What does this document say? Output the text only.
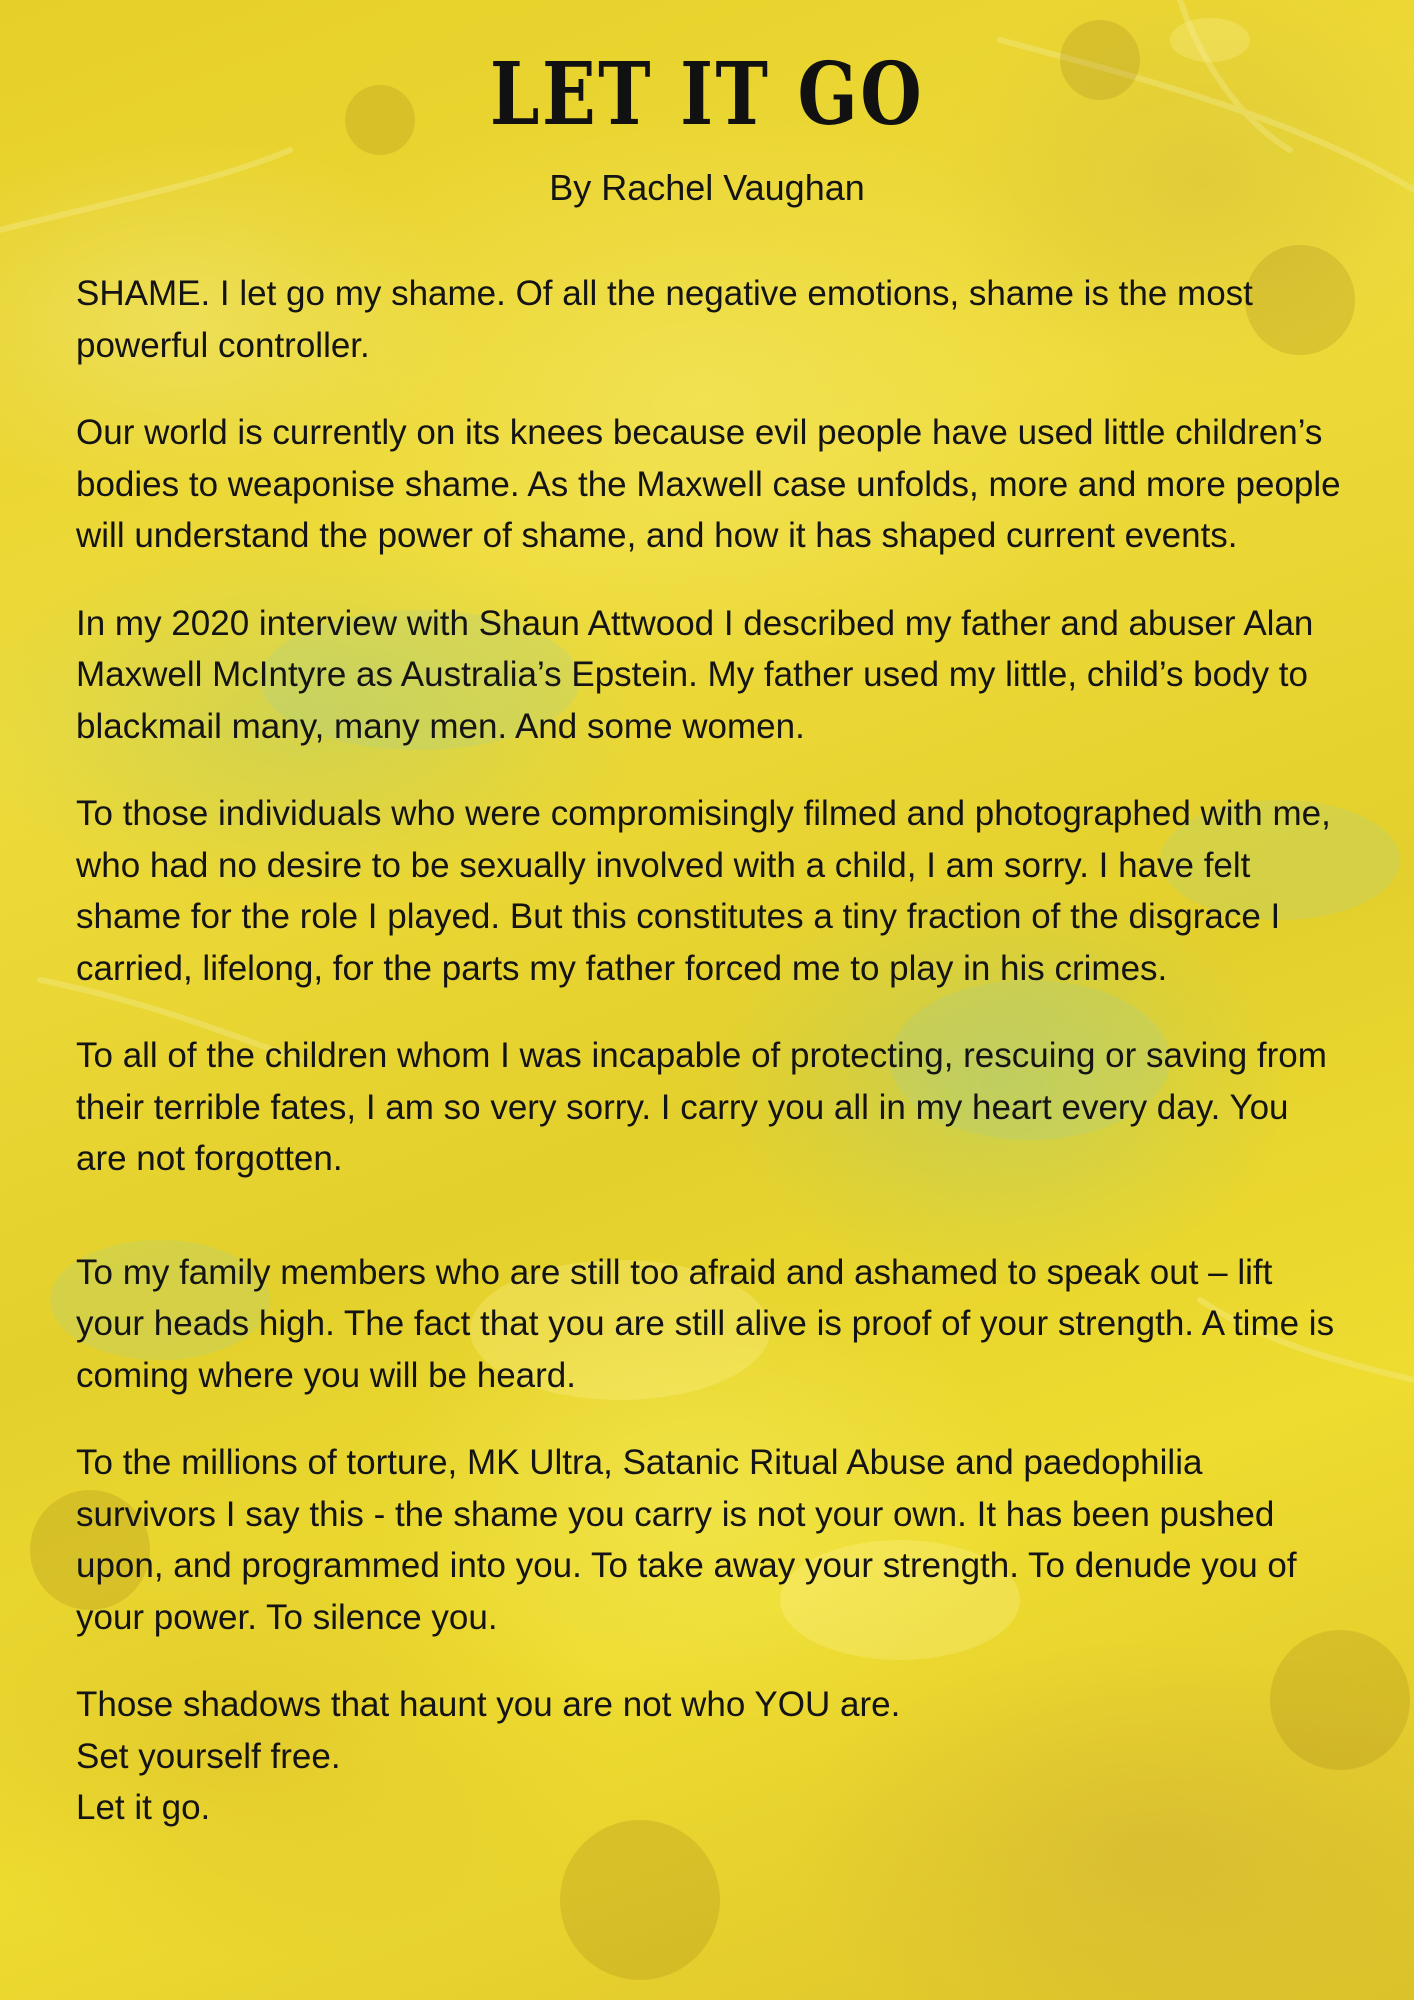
LET IT GO
By Rachel Vaughan

SHAME. I let go my shame. Of all the negative emotions, shame is the most powerful controller.

Our world is currently on its knees because evil people have used little children’s bodies to weaponise shame. As the Maxwell case unfolds, more and more people will understand the power of shame, and how it has shaped current events.

In my 2020 interview with Shaun Attwood I described my father and abuser Alan Maxwell McIntyre as Australia’s Epstein. My father used my little, child’s body to blackmail many, many men. And some women.

To those individuals who were compromisingly filmed and photographed with me, who had no desire to be sexually involved with a child, I am sorry. I have felt shame for the role I played. But this constitutes a tiny fraction of the disgrace I carried, lifelong, for the parts my father forced me to play in his crimes.

To all of the children whom I was incapable of protecting, rescuing or saving from their terrible fates, I am so very sorry. I carry you all in my heart every day. You are not forgotten.

To my family members who are still too afraid and ashamed to speak out – lift your heads high. The fact that you are still alive is proof of your strength. A time is coming where you will be heard.

To the millions of torture, MK Ultra, Satanic Ritual Abuse and paedophilia survivors I say this - the shame you carry is not your own. It has been pushed upon, and programmed into you. To take away your strength. To denude you of your power. To silence you.

Those shadows that haunt you are not who YOU are.
Set yourself free.
Let it go.
